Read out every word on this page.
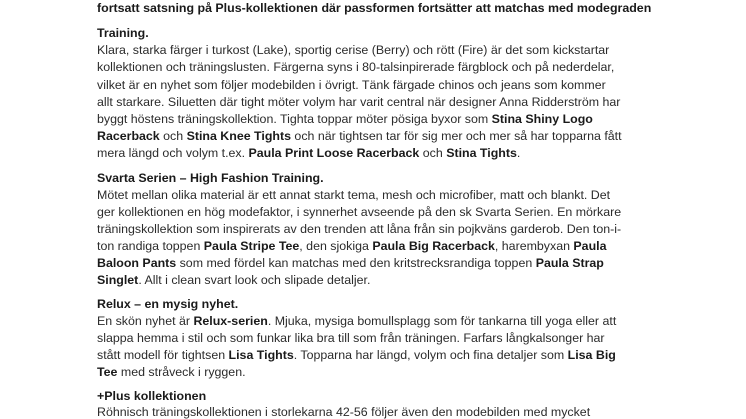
fortsatt satsning på Plus-kollektionen där passformen fortsätter att matchas med modegraden
Training.
Klara, starka färger i turkost (Lake), sportig cerise (Berry) och rött (Fire) är det som kickstartar
kollektionen och träningslusten. Färgerna syns i 80-talsinpirerade färgblock och på nederdelar,
vilket är en nyhet som följer modebilden i övrigt. Tänk färgade chinos och jeans som kommer
allt starkare. Siluetten där tight möter volym har varit central när designer Anna Ridderström har
byggt höstens träningskollektion. Tighta toppar möter pösiga byxor som Stina Shiny Logo
Racerback och Stina Knee Tights och när tightsen tar för sig mer och mer så har topparna fått
mera längd och volym t.ex. Paula Print Loose Racerback och Stina Tights.
Svarta Serien – High Fashion Training.
Mötet mellan olika material är ett annat starkt tema, mesh och microfiber, matt och blankt. Det
ger kollektionen en hög modefaktor, i synnerhet avseende på den sk Svarta Serien. En mörkare
träningskollektion som inspirerats av den trenden att låna från sin pojkväns garderob. Den ton-i-
ton randiga toppen Paula Stripe Tee, den sjokiga Paula Big Racerback, harembyxan Paula
Baloon Pants som med fördel kan matchas med den kritstrecksrandiga toppen Paula Strap
Singlet. Allt i clean svart look och slipade detaljer.
Relux – en mysig nyhet.
En skön nyhet är Relux-serien. Mjuka, mysiga bomullsplagg som för tankarna till yoga eller att
slappa hemma i stil och som funkar lika bra till som från träningen. Farfars långkalsonger har
stått modell för tightsen Lisa Tights. Topparna har längd, volym och fina detaljer som Lisa Big
Tee med stråveck i ryggen.
+Plus kollektionen
Röhnisch träningskollektionen i storlekarna 42-56 följer även den modebilden med mycket
